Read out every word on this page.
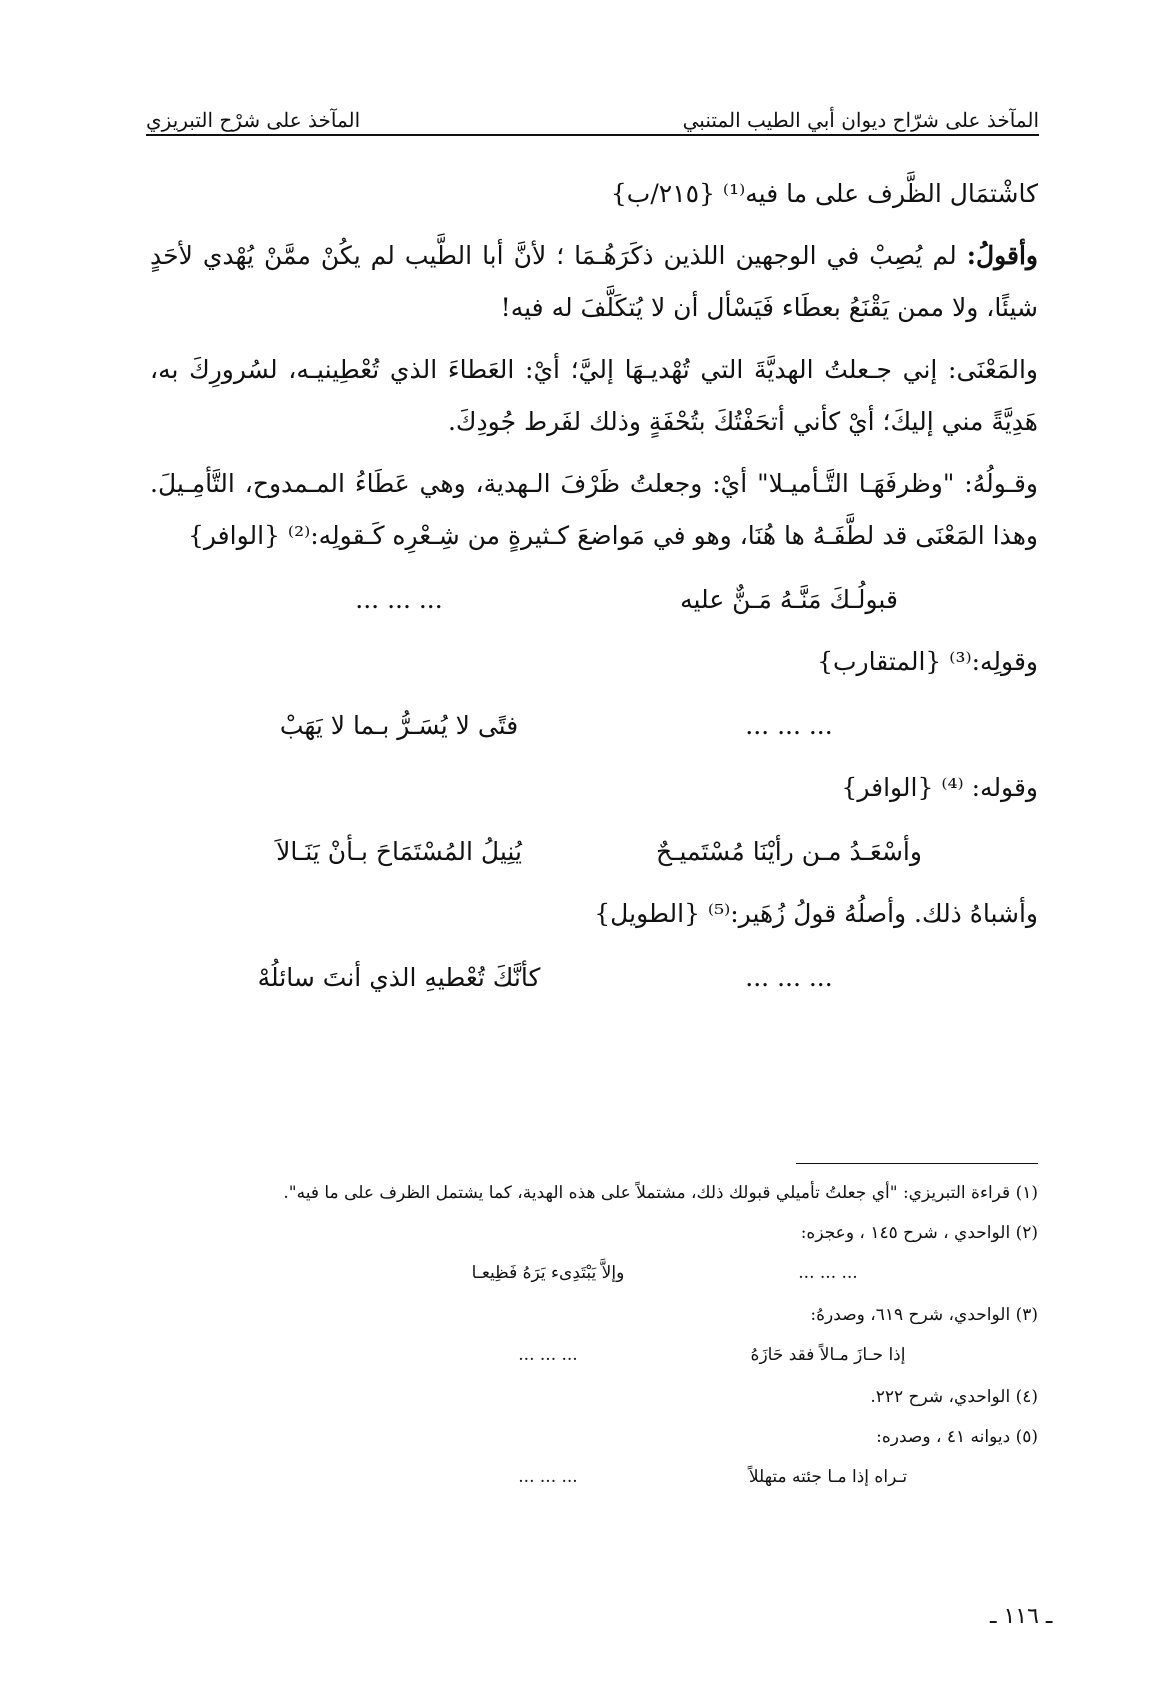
المآخذ على شرّاح ديوان أبي الطيب المتنبي
المآخذ على شرْح التبريزي

كاشْتمَال الظَّرف على ما فيه⁽¹⁾ {٢١٥/ب}

وأقولُ: لم يُصِبْ في الوجهين اللذين ذكَرَهُـمَا ؛ لأنَّ أبا الطَّيب لم يكُنْ ممَّنْ يُهْدي لأحَدٍ شيئًا، ولا ممن يَقْنَعُ بعطَاء فَيَسْأل أن لا يُتكَلَّفَ له فيه!

والمَعْنَى: إني جـعلتُ الهديَّةَ التي تُهْديـهَا إليَّ؛ أيْ: العَطاءَ الذي تُعْطِينيـه، لسُرورِكَ به، هَدِيَّةً مني إليكَ؛ أيْ كأني أتحَفْتُكَ بتُحْفَةٍ وذلك لفَرط جُودِكَ.

وقـولُهُ: "وظرفَهَـا التَّـأميـلا" أيْ: وجعلتُ ظَرْفَ الـهدية، وهي عَطَاءُ المـمدوح، التَّأمِـيلَ. وهذا المَعْنَى قد لطَّفَـهُ ها هُنَا، وهو في مَواضعَ كـثيرةٍ من شِـعْرِه كَـقولِه:⁽²⁾ {الوافر}

قبولُـكَ مَنَّـهُ مَـنٌّ عليه
... ... ...

وقولِه:⁽³⁾ {المتقارب}

... ... ...
فتًى لا يُسَـرُّ بـما لا يَهَبْ

وقوله: ⁽⁴⁾ {الوافر}

وأسْعَـدُ مـن رأيْنَا مُسْتَميـحٌ
يُنِيلُ المُسْتَمَاحَ بـأنْ يَنَـالاَ

وأشباهُ ذلك. وأصلُهُ قولُ زُهَير:⁽⁵⁾ {الطويل}

... ... ...
كأنَّكَ تُعْطيهِ الذي أنتَ سائلُهْ

(١) قراءة التبريزي: "أي جعلتُ تأميلي قبولك ذلك، مشتملاً على هذه الهدية، كما يشتمل الظرف على ما فيه".

(٢) الواحدي ، شرح ١٤٥ ، وعجزه:

... ... ...
وإلاَّ يَبْتَدِىء يَرَهُ فَظِيعـا

(٣) الواحدي، شرح ٦١٩، وصدرهُ:

إذا حـازَ مـالاً فقد حَازَهُ
... ... ...

(٤) الواحدي، شرح ٢٢٢.

(٥) ديوانه ٤١ ، وصدره:

تـراه إذا مـا جئته متهللاً
... ... ...
ـ ١١٦ ـ
